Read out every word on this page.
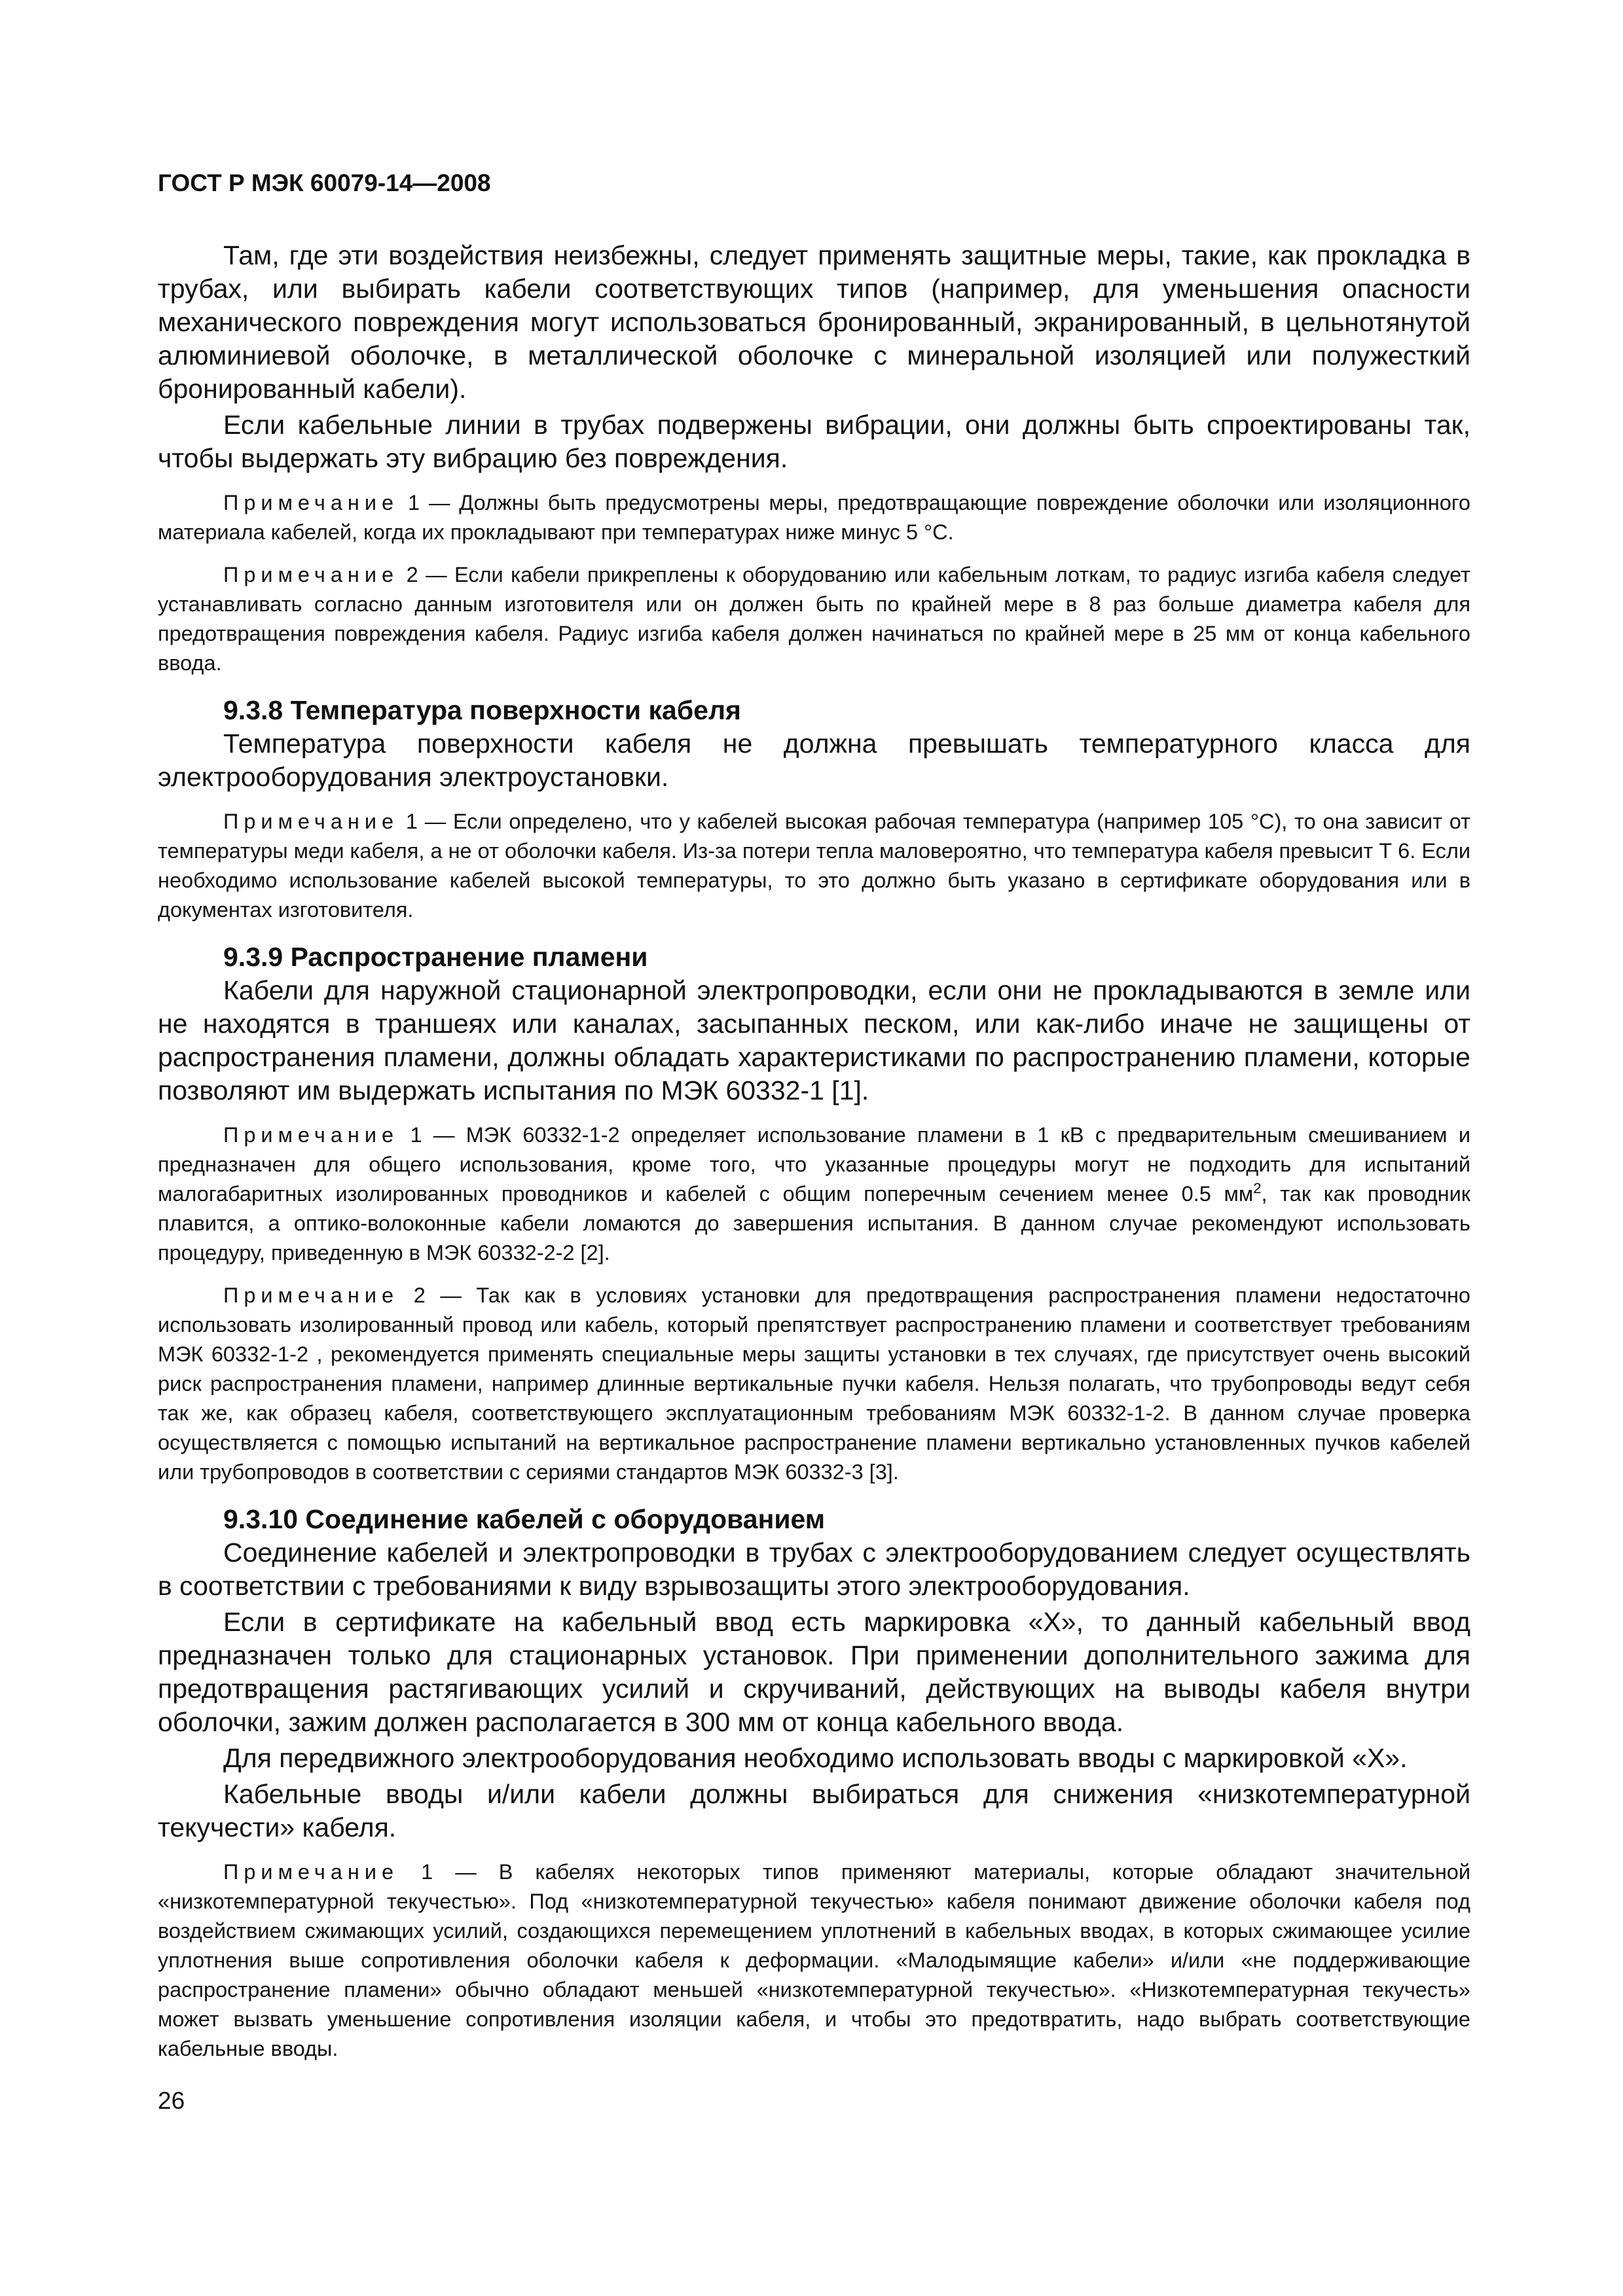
ГОСТ Р МЭК 60079-14—2008

Там, где эти воздействия неизбежны, следует применять защитные меры, такие, как прокладка в трубах, или выбирать кабели соответствующих типов (например, для уменьшения опасности механического повреждения могут использоваться бронированный, экранированный, в цельнотянутой алюминиевой оболочке, в металлической оболочке с минеральной изоляцией или полужесткий бронированный кабели).

Если кабельные линии в трубах подвержены вибрации, они должны быть спроектированы так, чтобы выдержать эту вибрацию без повреждения.

Примечание 1 — Должны быть предусмотрены меры, предотвращающие повреждение оболочки или изоляционного материала кабелей, когда их прокладывают при температурах ниже минус 5 °С.

Примечание 2 — Если кабели прикреплены к оборудованию или кабельным лоткам, то радиус изгиба кабеля следует устанавливать согласно данным изготовителя или он должен быть по крайней мере в 8 раз больше диаметра кабеля для предотвращения повреждения кабеля. Радиус изгиба кабеля должен начинаться по крайней мере в 25 мм от конца кабельного ввода.

9.3.8 Температура поверхности кабеля

Температура поверхности кабеля не должна превышать температурного класса для электрооборудования электроустановки.

Примечание 1 — Если определено, что у кабелей высокая рабочая температура (например 105 °С), то она зависит от температуры меди кабеля, а не от оболочки кабеля. Из-за потери тепла маловероятно, что температура кабеля превысит Т 6. Если необходимо использование кабелей высокой температуры, то это должно быть указано в сертификате оборудования или в документах изготовителя.

9.3.9 Распространение пламени

Кабели для наружной стационарной электропроводки, если они не прокладываются в земле или не находятся в траншеях или каналах, засыпанных песком, или как-либо иначе не защищены от распространения пламени, должны обладать характеристиками по распространению пламени, которые позволяют им выдержать испытания по МЭК 60332-1 [1].

Примечание 1 — МЭК 60332-1-2 определяет использование пламени в 1 кВ с предварительным смешиванием и предназначен для общего использования, кроме того, что указанные процедуры могут не подходить для испытаний малогабаритных изолированных проводников и кабелей с общим поперечным сечением менее 0.5 $мм^2$, так как проводник плавится, а оптико-волоконные кабели ломаются до завершения испытания. В данном случае рекомендуют использовать процедуру, приведенную в МЭК 60332-2-2 [2].

Примечание 2 — Так как в условиях установки для предотвращения распространения пламени недостаточно использовать изолированный провод или кабель, который препятствует распространению пламени и соответствует требованиям МЭК 60332-1-2 , рекомендуется применять специальные меры защиты установки в тех случаях, где присутствует очень высокий риск распространения пламени, например длинные вертикальные пучки кабеля. Нельзя полагать, что трубопроводы ведут себя так же, как образец кабеля, соответствующего эксплуатационным требованиям МЭК 60332-1-2. В данном случае проверка осуществляется с помощью испытаний на вертикальное распространение пламени вертикально установленных пучков кабелей или трубопроводов в соответствии с сериями стандартов МЭК 60332-3 [3].

9.3.10 Соединение кабелей с оборудованием

Соединение кабелей и электропроводки в трубах с электрооборудованием следует осуществлять в соответствии с требованиями к виду взрывозащиты этого электрооборудования.

Если в сертификате на кабельный ввод есть маркировка «X», то данный кабельный ввод предназначен только для стационарных установок. При применении дополнительного зажима для предотвращения растягивающих усилий и скручиваний, действующих на выводы кабеля внутри оболочки, зажим должен располагается в 300 мм от конца кабельного ввода.

Для передвижного электрооборудования необходимо использовать вводы с маркировкой «X».

Кабельные вводы и/или кабели должны выбираться для снижения «низкотемпературной текучести» кабеля.

Примечание 1 — В кабелях некоторых типов применяют материалы, которые обладают значительной «низкотемпературной текучестью». Под «низкотемпературной текучестью» кабеля понимают движение оболочки кабеля под воздействием сжимающих усилий, создающихся перемещением уплотнений в кабельных вводах, в которых сжимающее усилие уплотнения выше сопротивления оболочки кабеля к деформации. «Малодымящие кабели» и/или «не поддерживающие распространение пламени» обычно обладают меньшей «низкотемпературной текучестью». «Низкотемпературная текучесть» может вызвать уменьшение сопротивления изоляции кабеля, и чтобы это предотвратить, надо выбрать соответствующие кабельные вводы.

26
